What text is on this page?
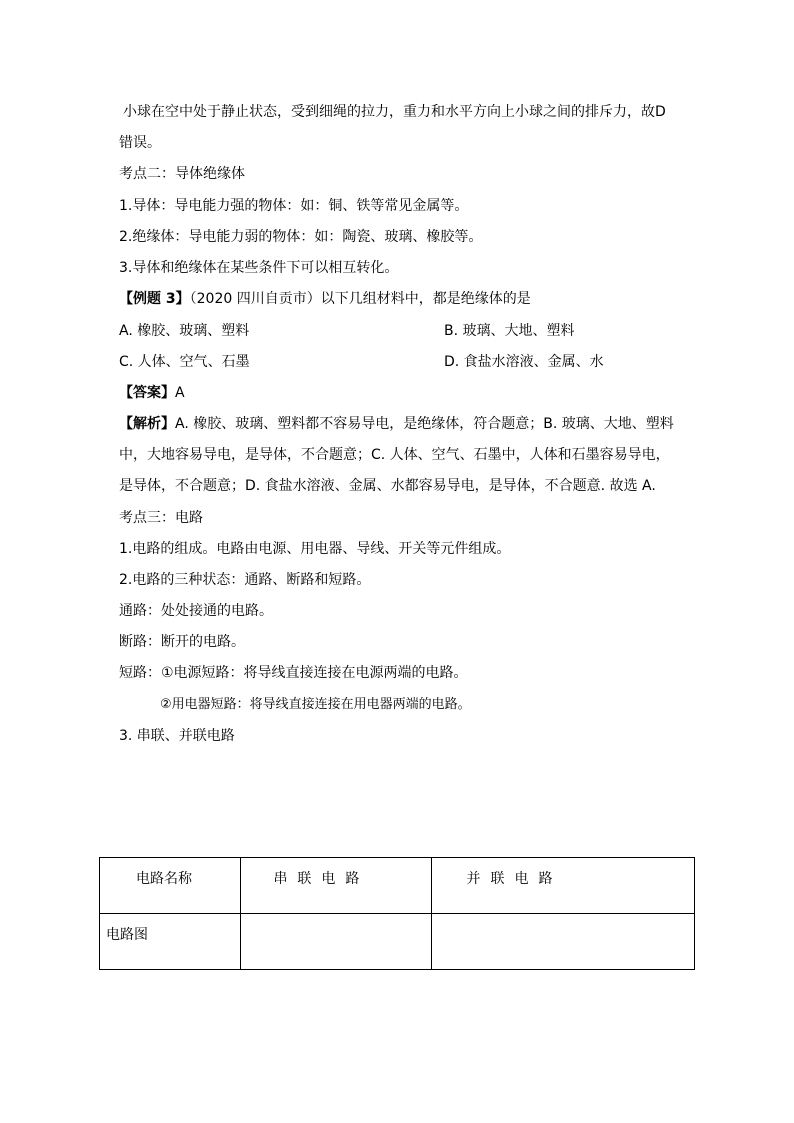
小球在空中处于静止状态，受到细绳的拉力，重力和水平方向上小球之间的排斥力，故D
错误。
考点二：导体绝缘体
1.导体：导电能力强的物体：如：铜、铁等常见金属等。
2.绝缘体：导电能力弱的物体：如：陶瓷、玻璃、橡胶等。
3.导体和绝缘体在某些条件下可以相互转化。
【例题 3】（2020 四川自贡市）以下几组材料中，都是绝缘体的是
A. 橡胶、玻璃、塑料	B. 玻璃、大地、塑料
C. 人体、空气、石墨	D. 食盐水溶液、金属、水
【答案】A
【解析】A. 橡胶、玻璃、塑料都不容易导电，是绝缘体，符合题意；B. 玻璃、大地、塑料
中，大地容易导电，是导体，不合题意；C. 人体、空气、石墨中，人体和石墨容易导电，
是导体，不合题意；D. 食盐水溶液、金属、水都容易导电，是导体，不合题意. 故选 A.
考点三：电路
1.电路的组成。电路由电源、用电器、导线、开关等元件组成。
2.电路的三种状态：通路、断路和短路。
通路：处处接通的电路。
断路：断开的电路。
短路：①电源短路：将导线直接连接在电源两端的电路。
②用电器短路：将导线直接连接在用电器两端的电路。
3. 串联、并联电路
电路名称	串联电路	并联电路
电路图		
